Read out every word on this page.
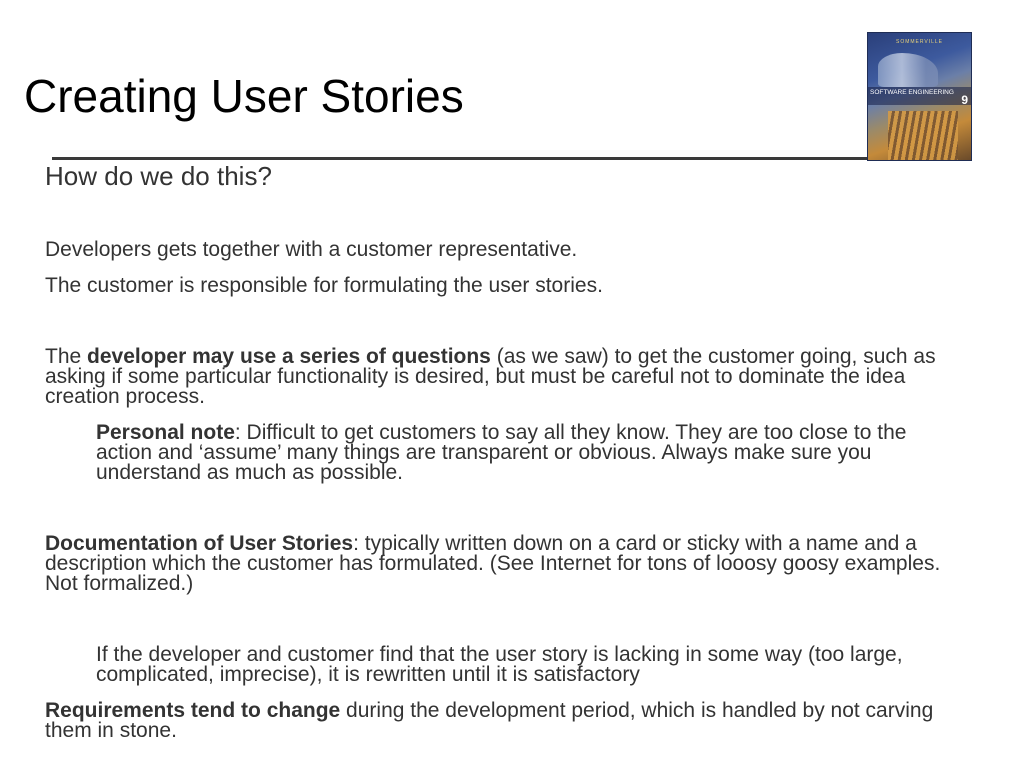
Creating User Stories
SOMMERVILLE
SOFTWARE ENGINEERING
9

How do we do this?

Developers gets together with a customer representative.

The customer is responsible for formulating the user stories.

The developer may use a series of questions (as we saw) to get the customer going, such as asking if some particular functionality is desired, but must be careful not to dominate the idea creation process.

Personal note: Difficult to get customers to say all they know. They are too close to the action and ‘assume’ many things are transparent or obvious. Always make sure you understand as much as possible.

Documentation of User Stories: typically written down on a card or sticky with a name and a description which the customer has formulated. (See Internet for tons of looosy goosy examples. Not formalized.)

If the developer and customer find that the user story is lacking in some way (too large, complicated, imprecise), it is rewritten until it is satisfactory

Requirements tend to change during the development period, which is handled by not carving them in stone.
